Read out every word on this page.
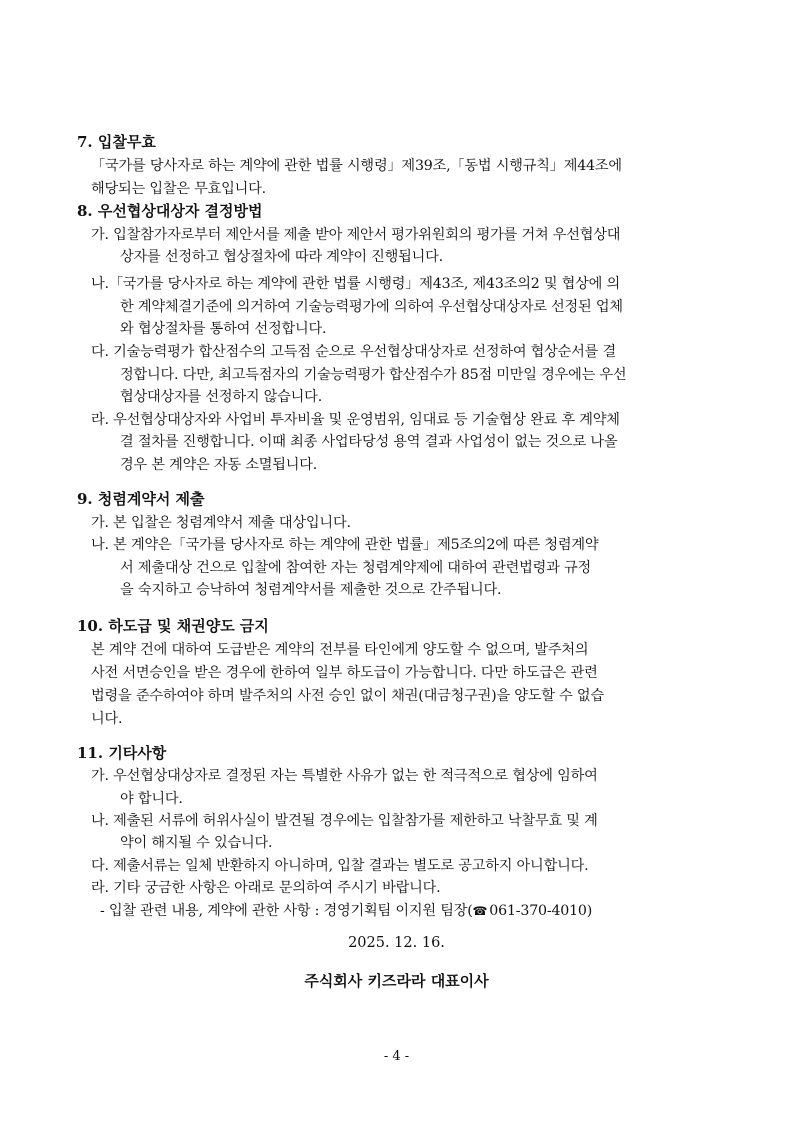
7. 입찰무효
「국가를 당사자로 하는 계약에 관한 법률 시행령」제39조,「동법 시행규칙」제44조에
해당되는 입찰은 무효입니다.
8. 우선협상대상자 결정방법
가. 입찰참가자로부터 제안서를 제출 받아 제안서 평가위원회의 평가를 거쳐 우선협상대
상자를 선정하고 협상절차에 따라 계약이 진행됩니다.
나.「국가를 당사자로 하는 계약에 관한 법률 시행령」제43조, 제43조의2 및 협상에 의
한 계약체결기준에 의거하여 기술능력평가에 의하여 우선협상대상자로 선정된 업체
와 협상절차를 통하여 선정합니다.
다. 기술능력평가 합산점수의 고득점 순으로 우선협상대상자로 선정하여 협상순서를 결
정합니다. 다만, 최고득점자의 기술능력평가 합산점수가 85점 미만일 경우에는 우선
협상대상자를 선정하지 않습니다.
라. 우선협상대상자와 사업비 투자비율 및 운영범위, 임대료 등 기술협상 완료 후 계약체
결 절차를 진행합니다. 이때 최종 사업타당성 용역 결과 사업성이 없는 것으로 나올
경우 본 계약은 자동 소멸됩니다.
9. 청렴계약서 제출
가. 본 입찰은 청렴계약서 제출 대상입니다.
나. 본 계약은「국가를 당사자로 하는 계약에 관한 법률」제5조의2에 따른 청렴계약
서 제출대상 건으로 입찰에 참여한 자는 청렴계약제에 대하여 관련법령과 규정
을 숙지하고 승낙하여 청렴계약서를 제출한 것으로 간주됩니다.
10. 하도급 및 채권양도 금지
본 계약 건에 대하여 도급받은 계약의 전부를 타인에게 양도할 수 없으며, 발주처의
사전 서면승인을 받은 경우에 한하여 일부 하도급이 가능합니다. 다만 하도급은 관련
법령을 준수하여야 하며 발주처의 사전 승인 없이 채권(대금청구권)을 양도할 수 없습
니다.
11. 기타사항
가. 우선협상대상자로 결정된 자는 특별한 사유가 없는 한 적극적으로 협상에 임하여
야 합니다.
나. 제출된 서류에 허위사실이 발견될 경우에는 입찰참가를 제한하고 낙찰무효 및 계
약이 해지될 수 있습니다.
다. 제출서류는 일체 반환하지 아니하며, 입찰 결과는 별도로 공고하지 아니합니다.
라. 기타 궁금한 사항은 아래로 문의하여 주시기 바랍니다.
- 입찰 관련 내용, 계약에 관한 사항 : 경영기획팀 이지원 팀장(☎ 061-370-4010)
2025. 12. 16.
주식회사 키즈라라 대표이사
- 4 -
